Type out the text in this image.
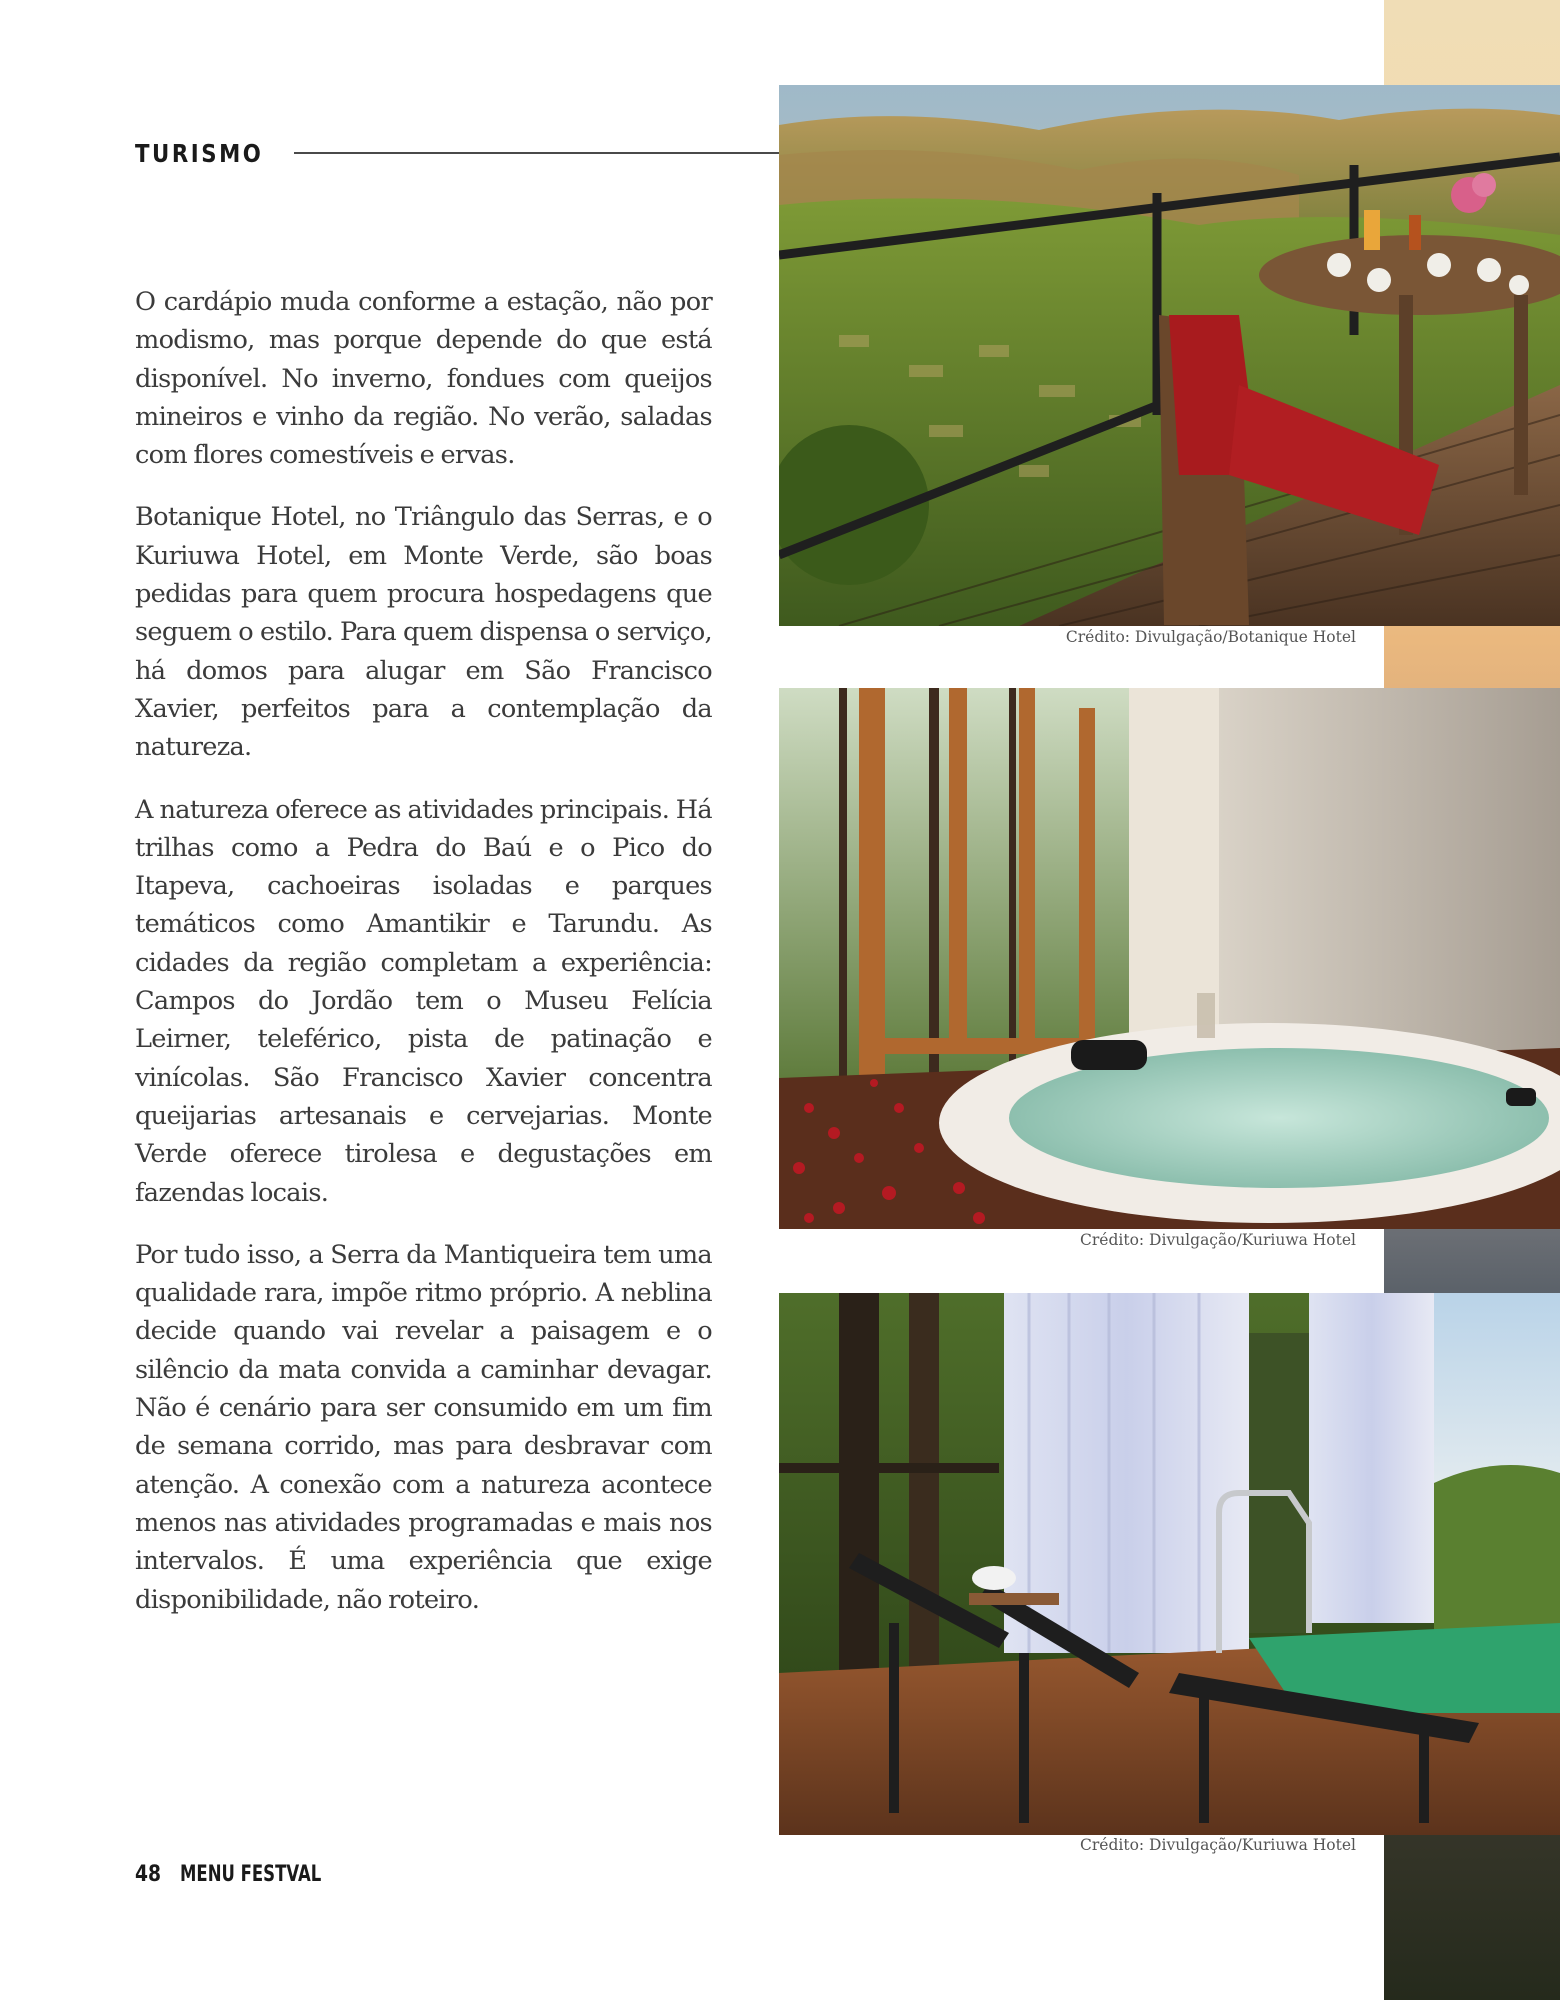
TURISMO

O cardápio muda conforme a estação, não por modismo, mas porque depende do que está disponível. No inverno, fondues com queijos mineiros e vinho da região. No verão, saladas com flores comestíveis e ervas.

Botanique Hotel, no Triângulo das Serras, e o Kuriuwa Hotel, em Monte Verde, são boas pedidas para quem procura hospedagens que seguem o estilo. Para quem dispensa o serviço, há domos para alugar em São Francisco Xavier, perfeitos para a contemplação da natureza.

A natureza oferece as atividades principais. Há trilhas como a Pedra do Baú e o Pico do Itapeva, cachoeiras isoladas e parques temáticos como Amantikir e Tarundu. As cidades da região completam a experiência: Campos do Jordão tem o Museu Felícia Leirner, teleférico, pista de patinação e vinícolas. São Francisco Xavier concentra queijarias artesanais e cervejarias. Monte Verde oferece tirolesa e degustações em fazendas locais.

Por tudo isso, a Serra da Mantiqueira tem uma qualidade rara, impõe ritmo próprio. A neblina decide quando vai revelar a paisagem e o silêncio da mata convida a caminhar devagar. Não é cenário para ser consumido em um fim de semana corrido, mas para desbravar com atenção. A conexão com a natureza acontece menos nas atividades programadas e mais nos intervalos. É uma experiência que exige disponibilidade, não roteiro.

Crédito: Divulgação/Botanique Hotel
Crédito: Divulgação/Kuriuwa Hotel
Crédito: Divulgação/Kuriuwa Hotel
48 MENU FESTVAL
